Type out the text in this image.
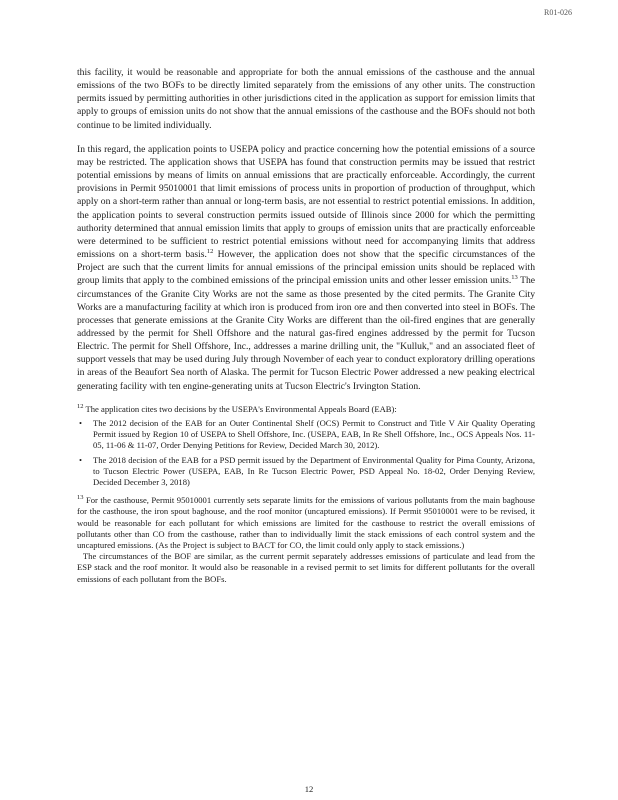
R01-026

this facility, it would be reasonable and appropriate for both the annual emissions of the casthouse and the annual emissions of the two BOFs to be directly limited separately from the emissions of any other units. The construction permits issued by permitting authorities in other jurisdictions cited in the application as support for emission limits that apply to groups of emission units do not show that the annual emissions of the casthouse and the BOFs should not both continue to be limited individually.

In this regard, the application points to USEPA policy and practice concerning how the potential emissions of a source may be restricted. The application shows that USEPA has found that construction permits may be issued that restrict potential emissions by means of limits on annual emissions that are practically enforceable. Accordingly, the current provisions in Permit 95010001 that limit emissions of process units in proportion of production of throughput, which apply on a short-term rather than annual or long-term basis, are not essential to restrict potential emissions. In addition, the application points to several construction permits issued outside of Illinois since 2000 for which the permitting authority determined that annual emission limits that apply to groups of emission units that are practically enforceable were determined to be sufficient to restrict potential emissions without need for accompanying limits that address emissions on a short-term basis.$^{12}$ However, the application does not show that the specific circumstances of the Project are such that the current limits for annual emissions of the principal emission units should be replaced with group limits that apply to the combined emissions of the principal emission units and other lesser emission units.$^{13}$ The circumstances of the Granite City Works are not the same as those presented by the cited permits. The Granite City Works are a manufacturing facility at which iron is produced from iron ore and then converted into steel in BOFs. The processes that generate emissions at the Granite City Works are different than the oil-fired engines that are generally addressed by the permit for Shell Offshore and the natural gas-fired engines addressed by the permit for Tucson Electric. The permit for Shell Offshore, Inc., addresses a marine drilling unit, the "Kulluk," and an associated fleet of support vessels that may be used during July through November of each year to conduct exploratory drilling operations in areas of the Beaufort Sea north of Alaska. The permit for Tucson Electric Power addressed a new peaking electrical generating facility with ten engine-generating units at Tucson Electric's Irvington Station.

$^{12}$ The application cites two decisions by the USEPA's Environmental Appeals Board (EAB):

• The 2012 decision of the EAB for an Outer Continental Shelf (OCS) Permit to Construct and Title V Air Quality Operating Permit issued by Region 10 of USEPA to Shell Offshore, Inc. (USEPA, EAB, In Re Shell Offshore, Inc., OCS Appeals Nos. 11-05, 11-06 & 11-07, Order Denying Petitions for Review, Decided March 30, 2012).
• The 2018 decision of the EAB for a PSD permit issued by the Department of Environmental Quality for Pima County, Arizona, to Tucson Electric Power (USEPA, EAB, In Re Tucson Electric Power, PSD Appeal No. 18-02, Order Denying Review, Decided December 3, 2018)

$^{13}$ For the casthouse, Permit 95010001 currently sets separate limits for the emissions of various pollutants from the main baghouse for the casthouse, the iron spout baghouse, and the roof monitor (uncaptured emissions). If Permit 95010001 were to be revised, it would be reasonable for each pollutant for which emissions are limited for the casthouse to restrict the overall emissions of pollutants other than CO from the casthouse, rather than to individually limit the stack emissions of each control system and the uncaptured emissions. (As the Project is subject to BACT for CO, the limit could only apply to stack emissions.)

The circumstances of the BOF are similar, as the current permit separately addresses emissions of particulate and lead from the ESP stack and the roof monitor. It would also be reasonable in a revised permit to set limits for different pollutants for the overall emissions of each pollutant from the BOFs.

12
